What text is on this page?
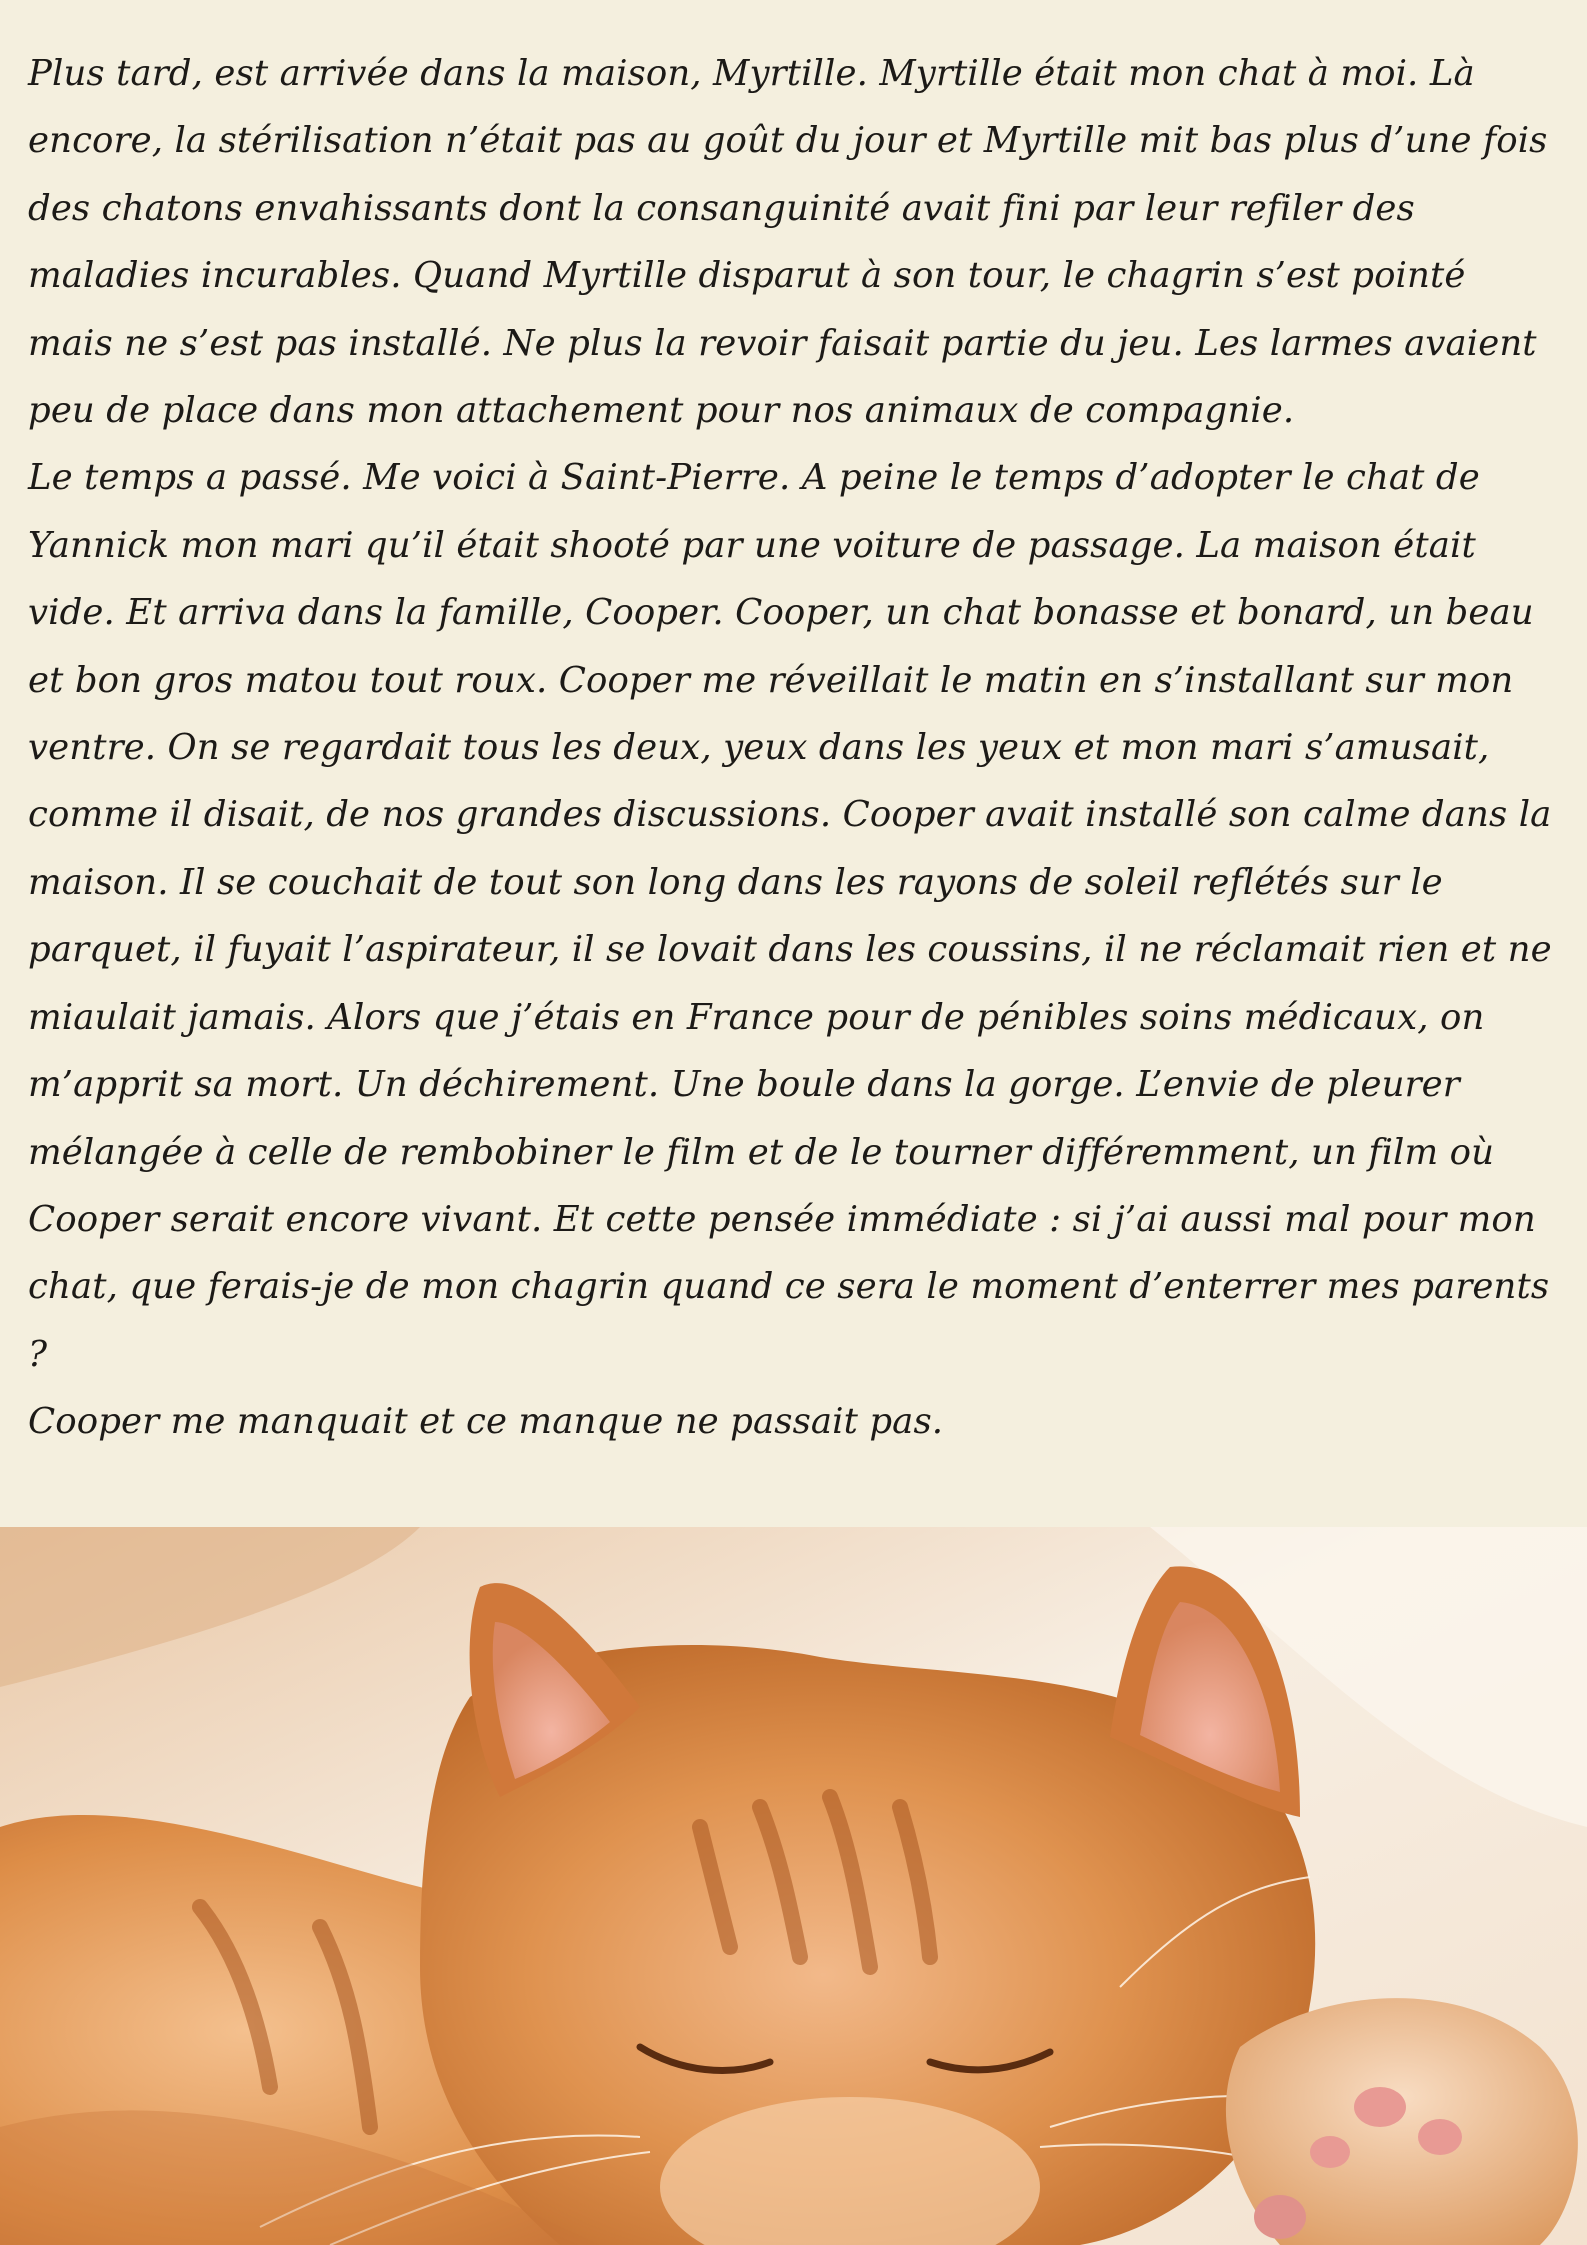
Plus tard, est arrivée dans la maison, Myrtille. Myrtille était mon chat à moi. Là encore, la stérilisation n’était pas au goût du jour et Myrtille mit bas plus d’une fois des chatons envahissants dont la consanguinité avait fini par leur refiler des maladies incurables. Quand Myrtille disparut à son tour, le chagrin s’est pointé mais ne s’est pas installé. Ne plus la revoir faisait partie du jeu. Les larmes avaient peu de place dans mon attachement pour nos animaux de compagnie.

Le temps a passé. Me voici à Saint-Pierre. A peine le temps d’adopter le chat de Yannick mon mari qu’il était shooté par une voiture de passage. La maison était vide. Et arriva dans la famille, Cooper. Cooper, un chat bonasse et bonard, un beau et bon gros matou tout roux. Cooper me réveillait le matin en s’installant sur mon ventre. On se regardait tous les deux, yeux dans les yeux et mon mari s’amusait, comme il disait, de nos grandes discussions. Cooper avait installé son calme dans la maison. Il se couchait de tout son long dans les rayons de soleil reflétés sur le parquet, il fuyait l’aspirateur, il se lovait dans les coussins, il ne réclamait rien et ne miaulait jamais. Alors que j’étais en France pour de pénibles soins médicaux, on m’apprit sa mort. Un déchirement. Une boule dans la gorge. L’envie de pleurer mélangée à celle de rembobiner le film et de le tourner différemment, un film où Cooper serait encore vivant. Et cette pensée immédiate : si j’ai aussi mal pour mon chat, que ferais-je de mon chagrin quand ce sera le moment d’enterrer mes parents ?

Cooper me manquait et ce manque ne passait pas.
